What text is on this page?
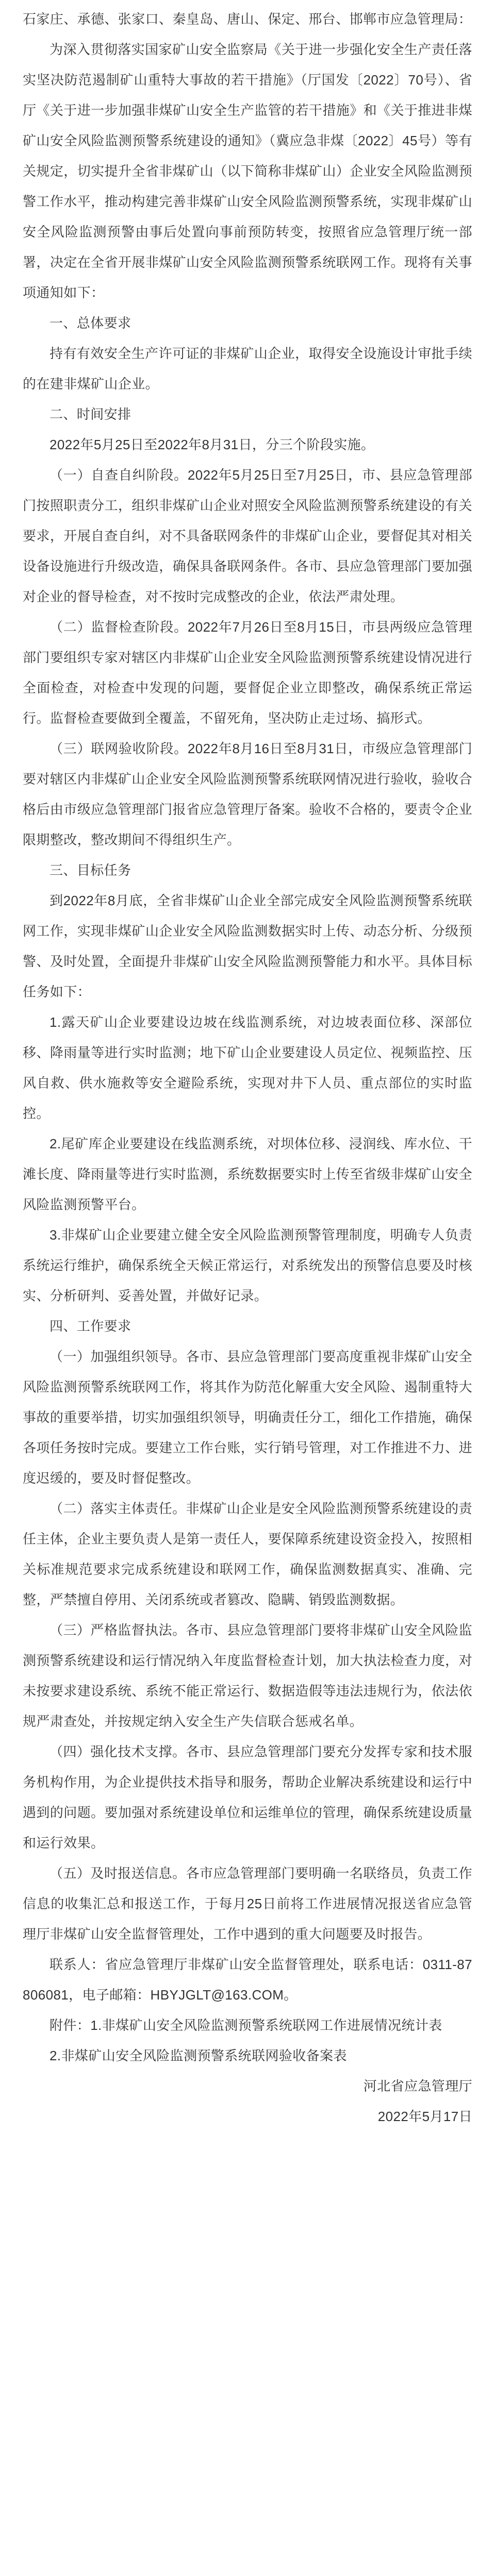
石家庄、承德、张家口、秦皇岛、唐山、保定、邢台、邯郸市应急管理局：

为深入贯彻落实国家矿山安全监察局《关于进一步强化安全生产责任落实坚决防范遏制矿山重特大事故的若干措施》（厅国发〔2022〕70号）、省厅《关于进一步加强非煤矿山安全生产监管的若干措施》和《关于推进非煤矿山安全风险监测预警系统建设的通知》（冀应急非煤〔2022〕45号）等有关规定，切实提升全省非煤矿山（以下简称非煤矿山）企业安全风险监测预警工作水平，推动构建完善非煤矿山安全风险监测预警系统，实现非煤矿山安全风险监测预警由事后处置向事前预防转变，按照省应急管理厅统一部署，决定在全省开展非煤矿山安全风险监测预警系统联网工作。现将有关事项通知如下：

一、总体要求

持有有效安全生产许可证的非煤矿山企业，取得安全设施设计审批手续的在建非煤矿山企业。

二、时间安排

2022年5月25日至2022年8月31日，分三个阶段实施。

（一）自查自纠阶段。2022年5月25日至7月25日，市、县应急管理部门按照职责分工，组织非煤矿山企业对照安全风险监测预警系统建设的有关要求，开展自查自纠，对不具备联网条件的非煤矿山企业，要督促其对相关设备设施进行升级改造，确保具备联网条件。各市、县应急管理部门要加强对企业的督导检查，对不按时完成整改的企业，依法严肃处理。

（二）监督检查阶段。2022年7月26日至8月15日，市县两级应急管理部门要组织专家对辖区内非煤矿山企业安全风险监测预警系统建设情况进行全面检查，对检查中发现的问题，要督促企业立即整改，确保系统正常运行。监督检查要做到全覆盖，不留死角，坚决防止走过场、搞形式。

（三）联网验收阶段。2022年8月16日至8月31日，市级应急管理部门要对辖区内非煤矿山企业安全风险监测预警系统联网情况进行验收，验收合格后由市级应急管理部门报省应急管理厅备案。验收不合格的，要责令企业限期整改，整改期间不得组织生产。

三、目标任务

到2022年8月底，全省非煤矿山企业全部完成安全风险监测预警系统联网工作，实现非煤矿山企业安全风险监测数据实时上传、动态分析、分级预警、及时处置，全面提升非煤矿山安全风险监测预警能力和水平。具体目标任务如下：

1.露天矿山企业要建设边坡在线监测系统，对边坡表面位移、深部位移、降雨量等进行实时监测；地下矿山企业要建设人员定位、视频监控、压风自救、供水施救等安全避险系统，实现对井下人员、重点部位的实时监控。

2.尾矿库企业要建设在线监测系统，对坝体位移、浸润线、库水位、干滩长度、降雨量等进行实时监测，系统数据要实时上传至省级非煤矿山安全风险监测预警平台。

3.非煤矿山企业要建立健全安全风险监测预警管理制度，明确专人负责系统运行维护，确保系统全天候正常运行，对系统发出的预警信息要及时核实、分析研判、妥善处置，并做好记录。

四、工作要求

（一）加强组织领导。各市、县应急管理部门要高度重视非煤矿山安全风险监测预警系统联网工作，将其作为防范化解重大安全风险、遏制重特大事故的重要举措，切实加强组织领导，明确责任分工，细化工作措施，确保各项任务按时完成。要建立工作台账，实行销号管理，对工作推进不力、进度迟缓的，要及时督促整改。

（二）落实主体责任。非煤矿山企业是安全风险监测预警系统建设的责任主体，企业主要负责人是第一责任人，要保障系统建设资金投入，按照相关标准规范要求完成系统建设和联网工作，确保监测数据真实、准确、完整，严禁擅自停用、关闭系统或者篡改、隐瞒、销毁监测数据。

（三）严格监督执法。各市、县应急管理部门要将非煤矿山安全风险监测预警系统建设和运行情况纳入年度监督检查计划，加大执法检查力度，对未按要求建设系统、系统不能正常运行、数据造假等违法违规行为，依法依规严肃查处，并按规定纳入安全生产失信联合惩戒名单。

（四）强化技术支撑。各市、县应急管理部门要充分发挥专家和技术服务机构作用，为企业提供技术指导和服务，帮助企业解决系统建设和运行中遇到的问题。要加强对系统建设单位和运维单位的管理，确保系统建设质量和运行效果。

（五）及时报送信息。各市应急管理部门要明确一名联络员，负责工作信息的收集汇总和报送工作，于每月25日前将工作进展情况报送省应急管理厅非煤矿山安全监督管理处，工作中遇到的重大问题要及时报告。

联系人：省应急管理厅非煤矿山安全监督管理处，联系电话：0311-87806081，电子邮箱：HBYJGLT@163.COM。

附件：1.非煤矿山安全风险监测预警系统联网工作进展情况统计表

2.非煤矿山安全风险监测预警系统联网验收备案表

河北省应急管理厅

2022年5月17日
